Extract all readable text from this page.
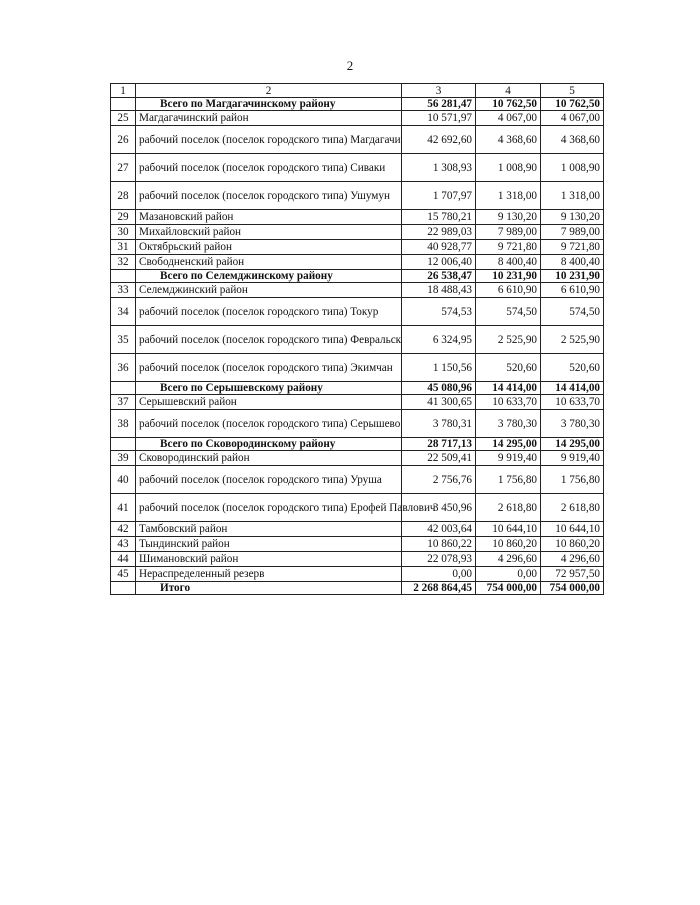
2
1	2	3	4	5
	Всего по Магдагачинскому району	56 281,47	10 762,50	10 762,50
25	Магдагачинский район	10 571,97	4 067,00	4 067,00
26	рабочий поселок (поселок городского типа) Магдагачи	42 692,60	4 368,60	4 368,60
27	рабочий поселок (поселок городского типа) Сиваки	1 308,93	1 008,90	1 008,90
28	рабочий поселок (поселок городского типа) Ушумун	1 707,97	1 318,00	1 318,00
29	Мазановский район	15 780,21	9 130,20	9 130,20
30	Михайловский район	22 989,03	7 989,00	7 989,00
31	Октябрьский район	40 928,77	9 721,80	9 721,80
32	Свободненский район	12 006,40	8 400,40	8 400,40
	Всего по Селемджинскому району	26 538,47	10 231,90	10 231,90
33	Селемджинский район	18 488,43	6 610,90	6 610,90
34	рабочий поселок (поселок городского типа) Токур	574,53	574,50	574,50
35	рабочий поселок (поселок городского типа) Февральск	6 324,95	2 525,90	2 525,90
36	рабочий поселок (поселок городского типа) Экимчан	1 150,56	520,60	520,60
	Всего по Серышевскому району	45 080,96	14 414,00	14 414,00
37	Серышевский район	41 300,65	10 633,70	10 633,70
38	рабочий поселок (поселок городского типа) Серышево	3 780,31	3 780,30	3 780,30
	Всего по Сковородинскому району	28 717,13	14 295,00	14 295,00
39	Сковородинский район	22 509,41	9 919,40	9 919,40
40	рабочий поселок (поселок городского типа) Уруша	2 756,76	1 756,80	1 756,80
41	рабочий поселок (поселок городского типа) Ерофей Павлович	3 450,96	2 618,80	2 618,80
42	Тамбовский район	42 003,64	10 644,10	10 644,10
43	Тындинский район	10 860,22	10 860,20	10 860,20
44	Шимановский район	22 078,93	4 296,60	4 296,60
45	Нераспределенный резерв	0,00	0,00	72 957,50
	Итого	2 268 864,45	754 000,00	754 000,00
